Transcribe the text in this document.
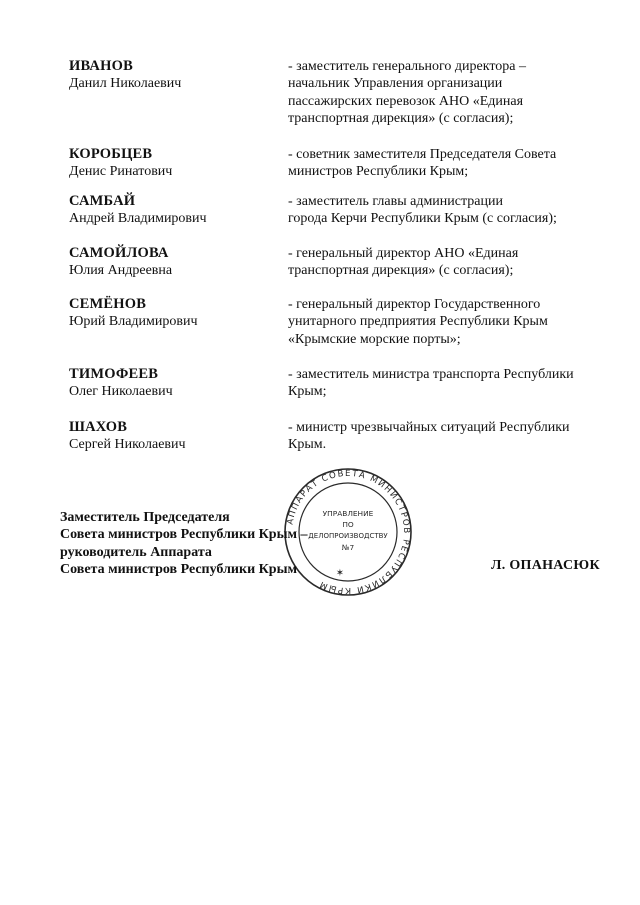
ИВАНОВ
Данил Николаевич
- заместитель генерального директора –
начальник Управления организации
пассажирских перевозок АНО «Единая
транспортная дирекция» (с согласия);
КОРОБЦЕВ
Денис Ринатович
- советник заместителя Председателя Совета
министров Республики Крым;
САМБАЙ
Андрей Владимирович
- заместитель главы администрации
города Керчи Республики Крым (с согласия);
САМОЙЛОВА
Юлия Андреевна
- генеральный директор АНО «Единая
транспортная дирекция» (с согласия);
СЕМЁНОВ
Юрий Владимирович
- генеральный директор Государственного
унитарного предприятия Республики Крым
«Крымские морские порты»;
ТИМОФЕЕВ
Олег Николаевич
- заместитель министра транспорта Республики
Крым;
ШАХОВ
Сергей Николаевич
- министр чрезвычайных ситуаций Республики
Крым.
АППАРАТ СОВЕТА МИНИСТРОВ РЕСПУБЛИКИ КРЫМ
УПРАВЛЕНИЕ
ПО
ДЕЛОПРОИЗВОДСТВУ
№7
✶
Заместитель Председателя
Совета министров Республики Крым –
руководитель Аппарата
Совета министров Республики Крым	Л. ОПАНАСЮК
